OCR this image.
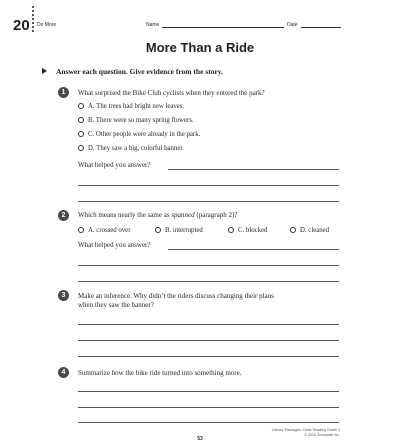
20 Do More	Name	Date
More Than a Ride
Answer each question. Give evidence from the story.
1	What surprised the Bike Club cyclists when they entered the park?
A. The trees had bright new leaves.
B. There were so many spring flowers.
C. Other people were already in the park.
D. They saw a big, colorful banner.
What helped you answer?
2	Which means nearly the same as spanned (paragraph 2)?
A. crossed over	B. interrupted	C. blocked	D. cleaned
What helped you answer?
3	Make an inference. Why didn’t the riders discuss changing their plans
when they saw the banner?
4	Summarize how the bike ride turned into something more.
Literary Passages: Close Reading Grade 3
© 2016 Scholastic Inc.
53
